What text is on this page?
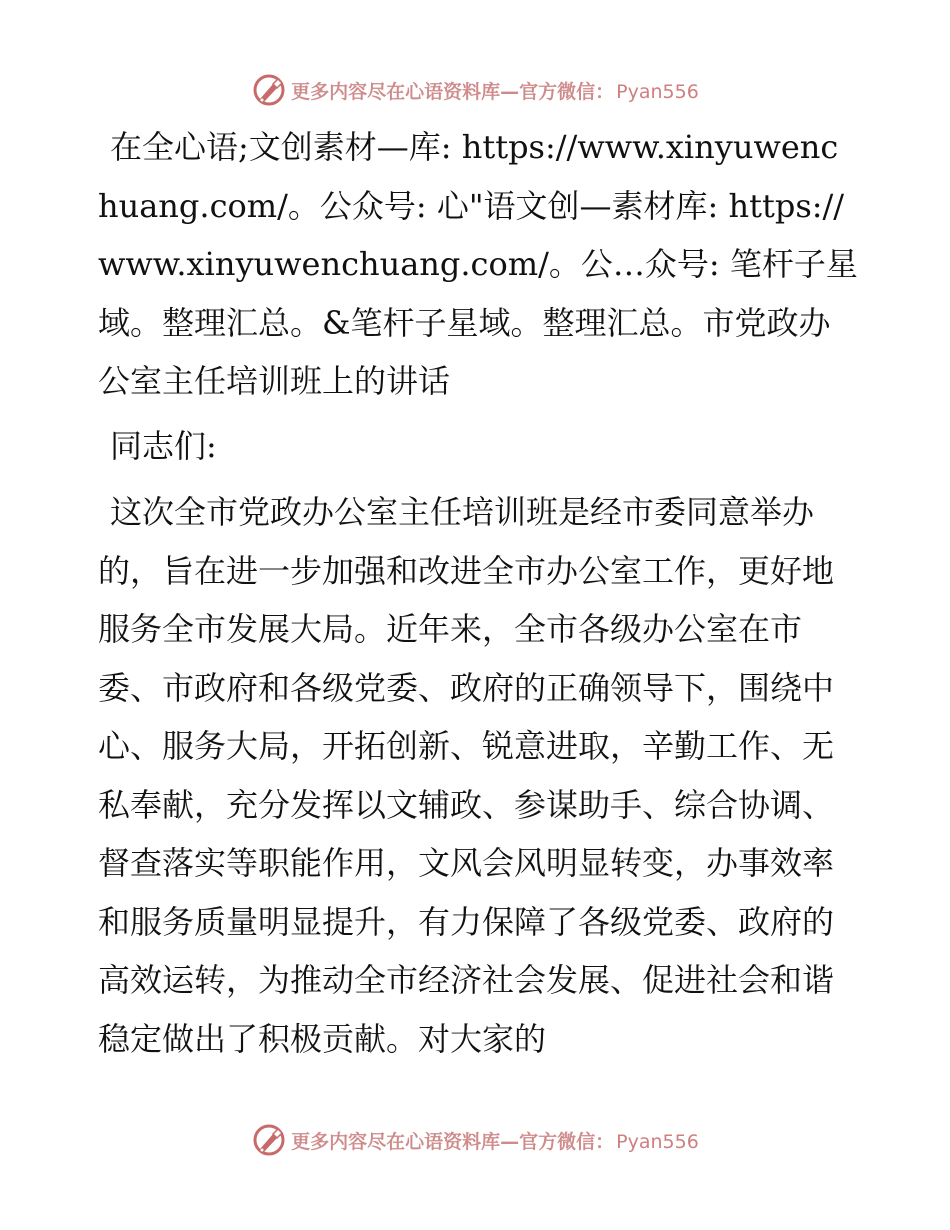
更多内容尽在心语资料库—官方微信： Pyan556

在全心语;文创素材—库: https://www.xinyuwenchuang.com/。公众号: 心"语文创—素材库: https://www.xinyuwenchuang.com/。公…众号: 笔杆子星域。整理汇总。&笔杆子星域。整理汇总。市党政办公室主任培训班上的讲话

同志们:

这次全市党政办公室主任培训班是经市委同意举办的，旨在进一步加强和改进全市办公室工作，更好地服务全市发展大局。近年来，全市各级办公室在市委、市政府和各级党委、政府的正确领导下，围绕中心、服务大局，开拓创新、锐意进取，辛勤工作、无私奉献，充分发挥以文辅政、参谋助手、综合协调、督查落实等职能作用，文风会风明显转变，办事效率和服务质量明显提升，有力保障了各级党委、政府的高效运转，为推动全市经济社会发展、促进社会和谐稳定做出了积极贡献。对大家的

更多内容尽在心语资料库—官方微信： Pyan556
